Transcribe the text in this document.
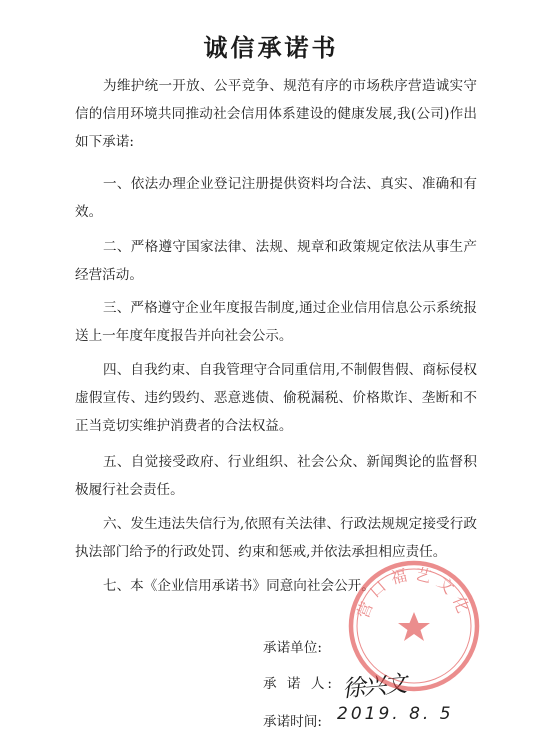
诚信承诺书
为维护统一开放、公平竞争、规范有序的市场秩序营造诚实守信的信用环境共同推动社会信用体系建设的健康发展,我(公司)作出如下承诺:
一、依法办理企业登记注册提供资料均合法、真实、准确和有效。
二、严格遵守国家法律、法规、规章和政策规定依法从事生产经营活动。
三、严格遵守企业年度报告制度,通过企业信用信息公示系统报送上一年度年度报告并向社会公示。
四、自我约束、自我管理守合同重信用,不制假售假、商标侵权虚假宣传、违约毁约、恶意逃债、偷税漏税、价格欺诈、垄断和不正当竞切实维护消费者的合法权益。
五、自觉接受政府、行业组织、社会公众、新闻舆论的监督积极履行社会责任。
六、发生违法失信行为,依照有关法律、行政法规规定接受行政执法部门给予的行政处罚、约束和惩戒,并依法承担相应责任。
七、本《企业信用承诺书》同意向社会公开。
承诺单位:
承 诺 人:
承诺时间:
徐兴文
2019. 8. 5
营口福艺文化
